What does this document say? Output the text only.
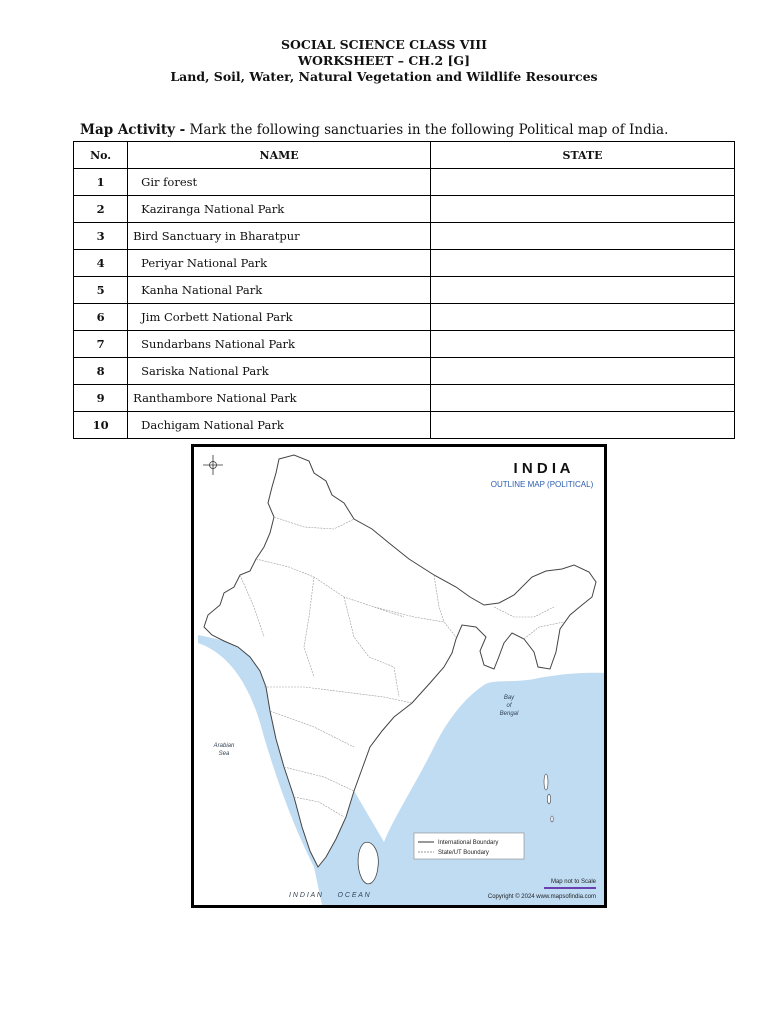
SOCIAL SCIENCE CLASS VIII
WORKSHEET – CH.2 [G]
Land, Soil, Water, Natural Vegetation and Wildlife Resources
Map Activity - Mark the following sanctuaries in the following Political map of India.
No.	NAME	STATE
1	Gir forest	
2	Kaziranga National Park	
3	Bird Sanctuary in Bharatpur	
4	Periyar National Park	
5	Kanha National Park	
6	Jim Corbett National Park	
7	Sundarbans National Park	
8	Sariska National Park	
9	Ranthambore National Park	
10	Dachigam National Park	
I N D I A
OUTLINE MAP (POLITICAL)
Bay
of
Bengal
Arabian
Sea
I N D I A N        O C E A N
International Boundary
State/UT Boundary
Map not to Scale
Copyright © 2024 www.mapsofindia.com
